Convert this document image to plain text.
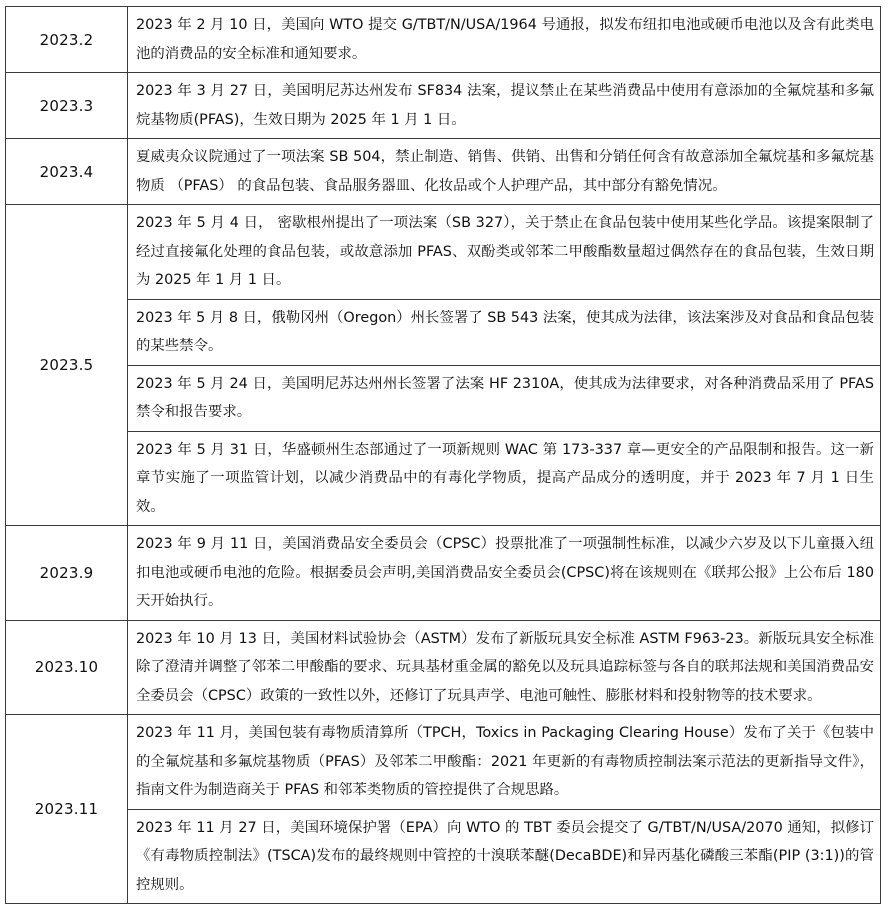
2023.2	2023 年 2 月 10 日，美国向 WTO 提交 G/TBT/N/USA/1964 号通报，拟发布纽扣电池或硬币电池以及含有此类电池的消费品的安全标准和通知要求。
2023.3	2023 年 3 月 27 日，美国明尼苏达州发布 SF834 法案，提议禁止在某些消费品中使用有意添加的全氟烷基和多氟烷基物质(PFAS)，生效日期为 2025 年 1 月 1 日。
2023.4	夏威夷众议院通过了一项法案 SB 504，禁止制造、销售、供销、出售和分销任何含有故意添加全氟烷基和多氟烷基物质 （PFAS） 的食品包装、食品服务器皿、化妆品或个人护理产品，其中部分有豁免情况。
2023.5	2023 年 5 月 4 日， 密歇根州提出了一项法案（SB 327），关于禁止在食品包装中使用某些化学品。该提案限制了经过直接氟化处理的食品包装，或故意添加 PFAS、双酚类或邻苯二甲酸酯数量超过偶然存在的食品包装，生效日期为 2025 年 1 月 1 日。
	2023 年 5 月 8 日，俄勒冈州（Oregon）州长签署了 SB 543 法案，使其成为法律，该法案涉及对食品和食品包装的某些禁令。
	2023 年 5 月 24 日，美国明尼苏达州州长签署了法案 HF 2310A，使其成为法律要求，对各种消费品采用了 PFAS 禁令和报告要求。
	2023 年 5 月 31 日，华盛顿州生态部通过了一项新规则 WAC 第 173-337 章—更安全的产品限制和报告。这一新章节实施了一项监管计划，以减少消费品中的有毒化学物质，提高产品成分的透明度，并于 2023 年 7 月 1 日生效。
2023.9	2023 年 9 月 11 日，美国消费品安全委员会（CPSC）投票批准了一项强制性标准，以减少六岁及以下儿童摄入纽扣电池或硬币电池的危险。根据委员会声明,美国消费品安全委员会(CPSC)将在该规则在《联邦公报》上公布后 180 天开始执行。
2023.10	2023 年 10 月 13 日，美国材料试验协会（ASTM）发布了新版玩具安全标准 ASTM F963-23。新版玩具安全标准除了澄清并调整了邻苯二甲酸酯的要求、玩具基材重金属的豁免以及玩具追踪标签与各自的联邦法规和美国消费品安全委员会（CPSC）政策的一致性以外，还修订了玩具声学、电池可触性、膨胀材料和投射物等的技术要求。
2023.11	2023 年 11 月，美国包装有毒物质清算所（TPCH，Toxics in Packaging Clearing House）发布了关于《包装中的全氟烷基和多氟烷基物质（PFAS）及邻苯二甲酸酯：2021 年更新的有毒物质控制法案示范法的更新指导文件》，指南文件为制造商关于 PFAS 和邻苯类物质的管控提供了合规思路。
	2023 年 11 月 27 日，美国环境保护署（EPA）向 WTO 的 TBT 委员会提交了 G/TBT/N/USA/2070 通知，拟修订《有毒物质控制法》(TSCA)发布的最终规则中管控的十溴联苯醚(DecaBDE)和异丙基化磷酸三苯酯(PIP (3:1))的管控规则。
